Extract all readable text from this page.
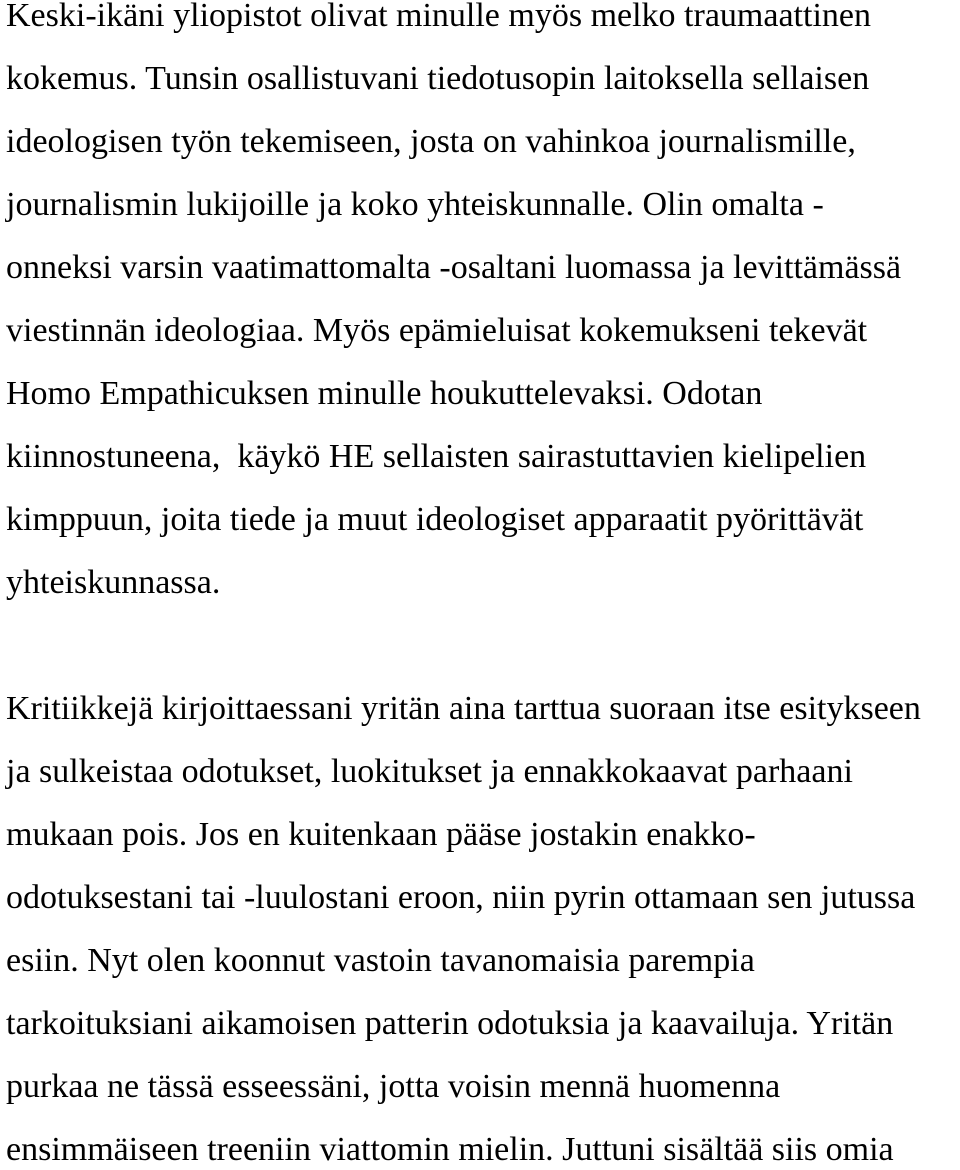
Keski-ikäni yliopistot olivat minulle myös melko traumaattinen
kokemus. Tunsin osallistuvani tiedotusopin laitoksella sellaisen
ideologisen työn tekemiseen, josta on vahinkoa journalismille,
journalismin lukijoille ja koko yhteiskunnalle. Olin omalta -
onneksi varsin vaatimattomalta -osaltani luomassa ja levittämässä
viestinnän ideologiaa. Myös epämieluisat kokemukseni tekevät
Homo Empathicuksen minulle houkuttelevaksi. Odotan
kiinnostuneena,  käykö HE sellaisten sairastuttavien kielipelien
kimppuun, joita tiede ja muut ideologiset apparaatit pyörittävät
yhteiskunnassa.
Kritiikkejä kirjoittaessani yritän aina tarttua suoraan itse esitykseen
ja sulkeistaa odotukset, luokitukset ja ennakkokaavat parhaani
mukaan pois. Jos en kuitenkaan pääse jostakin enakko-
odotuksestani tai -luulostani eroon, niin pyrin ottamaan sen jutussa
esiin. Nyt olen koonnut vastoin tavanomaisia parempia
tarkoituksiani aikamoisen patterin odotuksia ja kaavailuja. Yritän
purkaa ne tässä esseessäni, jotta voisin mennä huomenna
ensimmäiseen treeniin viattomin mielin. Juttuni sisältää siis omia
